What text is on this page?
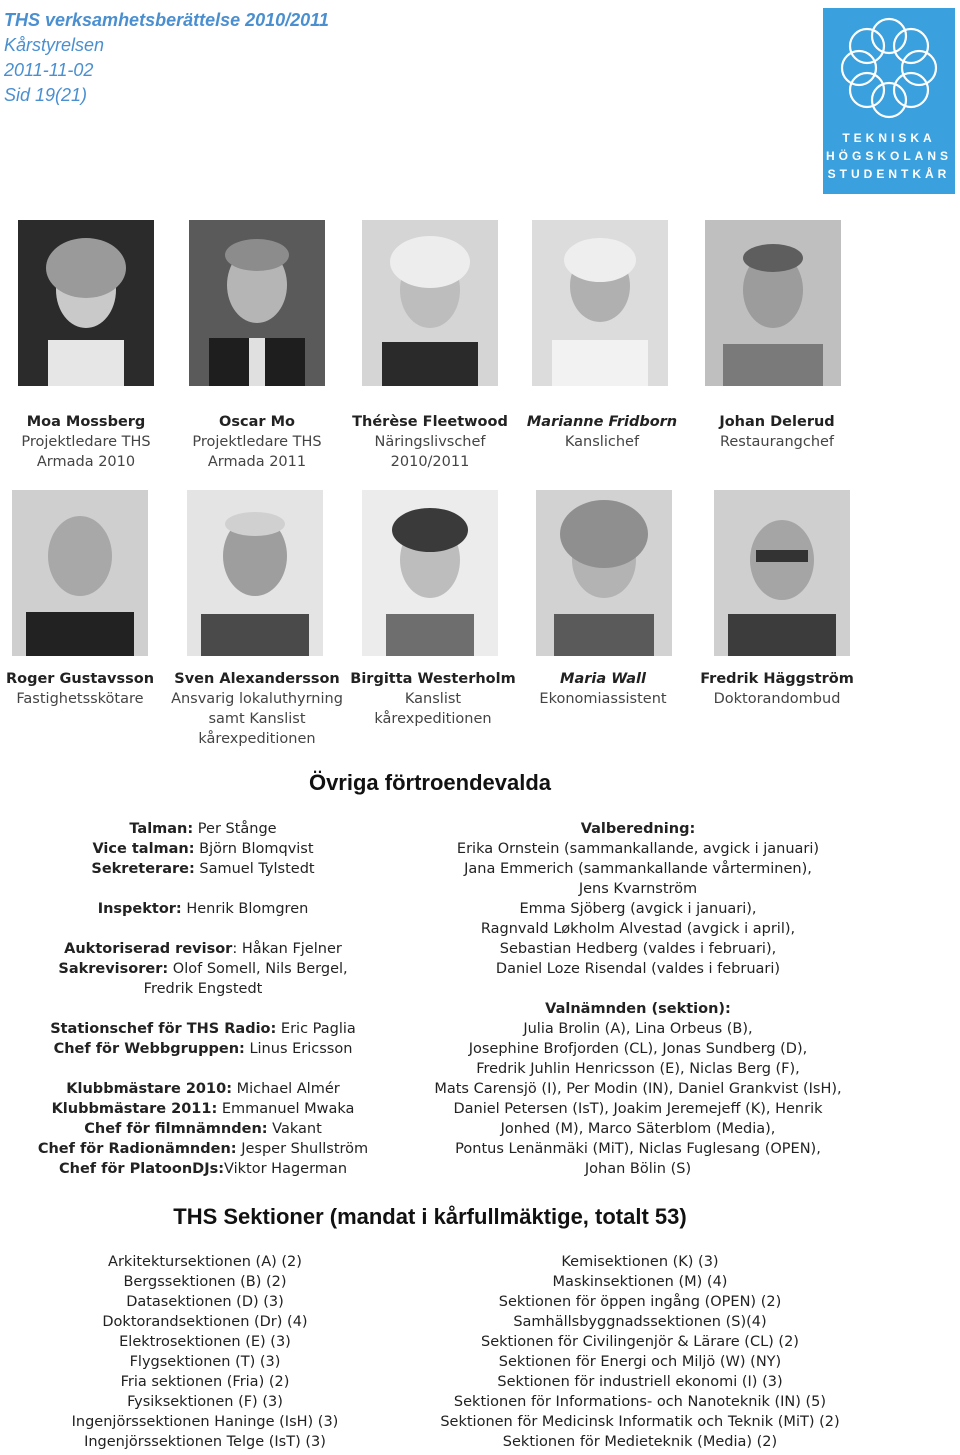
THS verksamhetsberättelse 2010/2011
Kårstyrelsen
2011-11-02
Sid 19(21)
TEKNISKA
HÖGSKOLANS
STUDENTKÅR
Moa Mossberg
Projektledare THS
Armada 2010
Oscar Mo
Projektledare THS
Armada 2011
Thérèse Fleetwood
Näringslivschef
2010/2011
Marianne Fridborn
Kanslichef
Johan Delerud
Restaurangchef
Roger Gustavsson
Fastighetsskötare
Sven Alexandersson
Ansvarig lokaluthyrning
samt Kanslist
kårexpeditionen
Birgitta Westerholm
Kanslist
kårexpeditionen
Maria Wall
Ekonomiassistent
Fredrik Häggström
Doktorandombud
Övriga förtroendevalda
Talman: Per Stånge
Vice talman: Björn Blomqvist
Sekreterare: Samuel Tylstedt
Inspektor: Henrik Blomgren
Auktoriserad revisor: Håkan Fjelner
Sakrevisorer: Olof Somell, Nils Bergel,
Fredrik Engstedt
Stationschef för THS Radio: Eric Paglia
Chef för Webbgruppen: Linus Ericsson
Klubbmästare 2010: Michael Almér
Klubbmästare 2011: Emmanuel Mwaka
Chef för filmnämnden: Vakant
Chef för Radionämnden: Jesper Shullström
Chef för PlatoonDJs:Viktor Hagerman
Valberedning:
Erika Ornstein (sammankallande, avgick i januari)
Jana Emmerich (sammankallande vårterminen),
Jens Kvarnström
Emma Sjöberg (avgick i januari),
Ragnvald Løkholm Alvestad (avgick i april),
Sebastian Hedberg (valdes i februari),
Daniel Loze Risendal (valdes i februari)
Valnämnden (sektion):
Julia Brolin (A), Lina Orbeus (B),
Josephine Brofjorden (CL), Jonas Sundberg (D),
Fredrik Juhlin Henricsson (E), Niclas Berg (F),
Mats Carensjö (I), Per Modin (IN), Daniel Grankvist (IsH),
Daniel Petersen (IsT), Joakim Jeremejeff (K), Henrik
Jonhed (M), Marco Säterblom (Media),
Pontus Lenänmäki (MiT), Niclas Fuglesang (OPEN),
Johan Bölin (S)
THS Sektioner (mandat i kårfullmäktige, totalt 53)
Arkitektursektionen (A) (2)
Bergssektionen (B) (2)
Datasektionen (D) (3)
Doktorandsektionen (Dr) (4)
Elektrosektionen (E) (3)
Flygsektionen (T) (3)
Fria sektionen (Fria) (2)
Fysiksektionen (F) (3)
Ingenjörssektionen Haninge (IsH) (3)
Ingenjörssektionen Telge (IsT) (3)
Kemisektionen (K) (3)
Maskinsektionen (M) (4)
Sektionen för öppen ingång (OPEN) (2)
Samhällsbyggnadssektionen (S)(4)
Sektionen för Civilingenjör & Lärare (CL) (2)
Sektionen för Energi och Miljö (W) (NY)
Sektionen för industriell ekonomi (I) (3)
Sektionen för Informations- och Nanoteknik (IN) (5)
Sektionen för Medicinsk Informatik och Teknik (MiT) (2)
Sektionen för Medieteknik (Media) (2)
